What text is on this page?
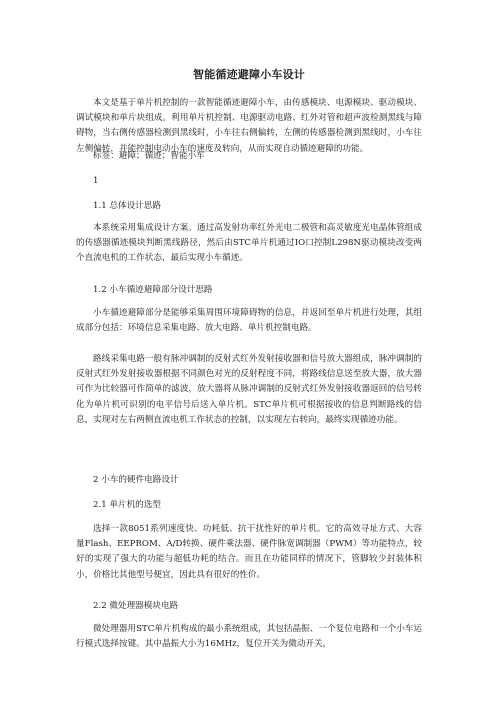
智能循迹避障小车设计

本文是基于单片机控制的一款智能循迹避障小车，由传感模块、电源模块、驱动模块、调试模块和单片块组成。利用单片机控制、电源驱动电路、红外对管和超声波检测黑线与障碍物，当右侧传感器检测到黑线时，小车往右侧偏转，左侧的传感器检测到黑线时，小车往左侧偏转，并能控制电动小车的速度及转向，从而实现自动循迹避障的功能。

标签：避障；循迹；智能小车

1

1.1 总体设计思路

本系统采用集成设计方案。通过高发射功率红外光电二极管和高灵敏度光电晶体管组成的传感器循迹模块判断黑线路径，然后由STC单片机通过IO口控制L298N驱动模块改变两个直流电机的工作状态，最后实现小车循迹。

1.2 小车循迹避障部分设计思路

小车循迹避障部分是能够采集周围环境障碍物的信息，并返回至单片机进行处理，其组成部分包括：环境信息采集电路、放大电路、单片机控制电路。

路线采集电路一般有脉冲调制的反射式红外发射接收器和信号放大器组成，脉冲调制的反射式红外发射接收器根据不同颜色对光的反射程度不同，将路线信息送至放大器，放大器可作为比较器可作简单的滤波，放大器将从脉冲调制的反射式红外发射接收器返回的信号转化为单片机可识别的电平信号后送入单片机。STC单片机可根据接收的信息判断路线的信息，实现对左右两侧直流电机工作状态的控制，以实现左右转向，最终实现循迹功能。

2 小车的硬件电路设计

2.1 单片机的选型

选择一款8051系列速度快、功耗低、抗干扰性好的单片机。它的高效寻址方式、大容量Flash、EEPROM、A/D转换、硬件乘法器、硬件脉宽调制器（PWM）等功能特点，较好的实现了强大的功能与超低功耗的结合。而且在功能同样的情况下，管脚较少封装体积小，价格比其他型号便宜，因此具有很好的性价。

2.2 微处理器模块电路

微处理器用STC单片机构成的最小系统组成，其包括晶振、一个复位电路和一个小车运行模式选择按键。其中晶振大小为16MHz，复位开关为微动开关，
